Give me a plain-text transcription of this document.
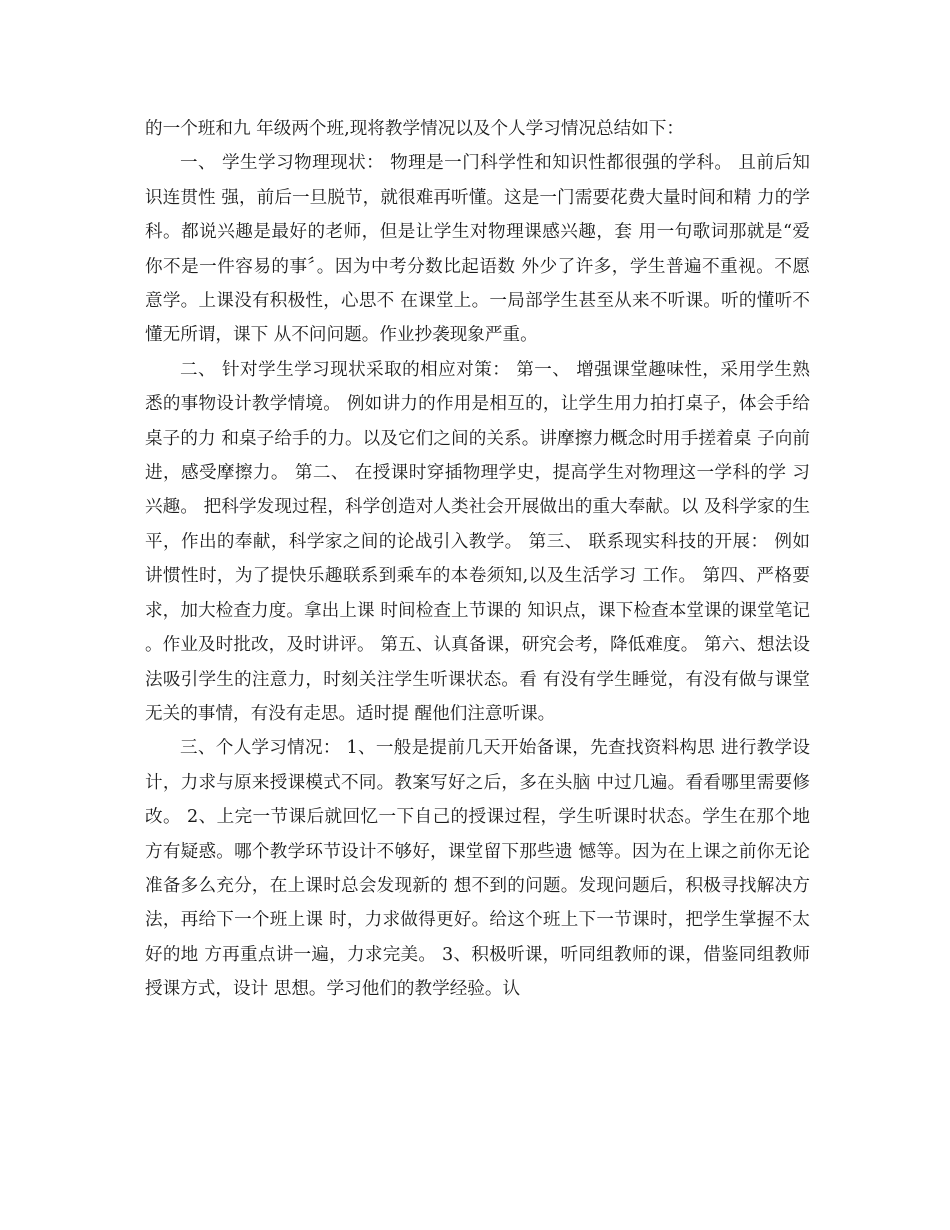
的一个班和九 年级两个班,现将教学情况以及个人学习情况总结如下：

一、 学生学习物理现状： 物理是一门科学性和知识性都很强的学科。 且前后知识连贯性 强，前后一旦脱节，就很难再听懂。这是一门需要花费大量时间和精 力的学科。都说兴趣是最好的老师，但是让学生对物理课感兴趣，套 用一句歌词那就是“爱你不是一件容易的事〞。因为中考分数比起语数 外少了许多，学生普遍不重视。不愿意学。上课没有积极性，心思不 在课堂上。一局部学生甚至从来不听课。听的懂听不懂无所谓，课下 从不问问题。作业抄袭现象严重。

二、 针对学生学习现状采取的相应对策： 第一、 增强课堂趣味性，采用学生熟悉的事物设计教学情境。 例如讲力的作用是相互的，让学生用力拍打桌子，体会手给桌子的力 和桌子给手的力。以及它们之间的关系。讲摩擦力概念时用手搓着桌 子向前进，感受摩擦力。 第二、 在授课时穿插物理学史，提高学生对物理这一学科的学 习兴趣。 把科学发现过程，科学创造对人类社会开展做出的重大奉献。以 及科学家的生平，作出的奉献，科学家之间的论战引入教学。 第三、 联系现实科技的开展： 例如讲惯性时，为了提快乐趣联系到乘车的本卷须知,以及生活学习 工作。 第四、严格要求，加大检查力度。拿出上课 时间检查上节课的 知识点，课下检查本堂课的课堂笔记。作业及时批改，及时讲评。 第五、认真备课，研究会考，降低难度。 第六、想法设法吸引学生的注意力，时刻关注学生听课状态。看 有没有学生睡觉，有没有做与课堂无关的事情，有没有走思。适时提 醒他们注意听课。

三、个人学习情况： 1、一般是提前几天开始备课，先查找资料构思 进行教学设计，力求与原来授课模式不同。教案写好之后，多在头脑 中过几遍。看看哪里需要修改。 2、上完一节课后就回忆一下自己的授课过程，学生听课时状态。学生在那个地方有疑惑。哪个教学环节设计不够好，课堂留下那些遗 憾等。因为在上课之前你无论准备多么充分，在上课时总会发现新的 想不到的问题。发现问题后，积极寻找解决方法，再给下一个班上课 时，力求做得更好。给这个班上下一节课时，把学生掌握不太好的地 方再重点讲一遍，力求完美。 3、积极听课，听同组教师的课，借鉴同组教师授课方式，设计 思想。学习他们的教学经验。认
